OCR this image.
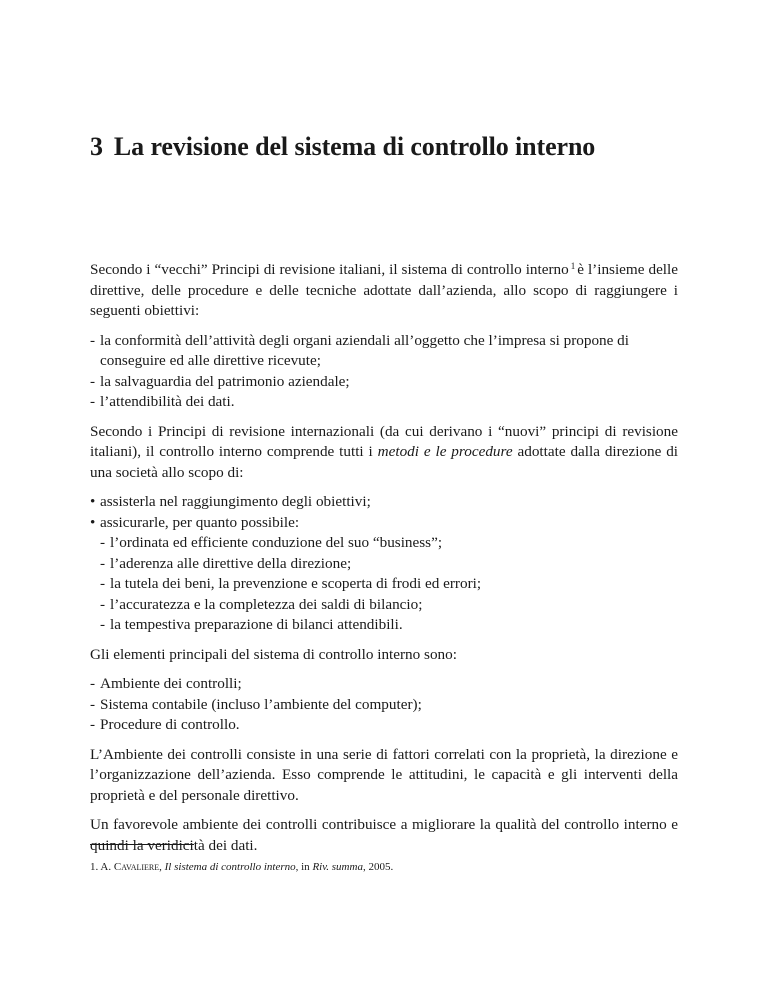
3 La revisione del sistema di controllo interno

Secondo i “vecchi” Principi di revisione italiani, il sistema di controllo interno $^1$ è l’insieme delle direttive, delle procedure e delle tecniche adottate dall’azienda, allo scopo di raggiungere i seguenti obiettivi:

- la conformità dell’attività degli organi aziendali all’oggetto che l’impresa si propone di conseguire ed alle direttive ricevute;
- la salvaguardia del patrimonio aziendale;
- l’attendibilità dei dati.

Secondo i Principi di revisione internazionali (da cui derivano i “nuovi” principi di revisione italiani), il controllo interno comprende tutti i metodi e le procedure adottate dalla direzione di una società allo scopo di:

• assisterla nel raggiungimento degli obiettivi;
• assicurarle, per quanto possibile:
- l’ordinata ed efficiente conduzione del suo “business”;
- l’aderenza alle direttive della direzione;
- la tutela dei beni, la prevenzione e scoperta di frodi ed errori;
- l’accuratezza e la completezza dei saldi di bilancio;
- la tempestiva preparazione di bilanci attendibili.

Gli elementi principali del sistema di controllo interno sono:

- Ambiente dei controlli;
- Sistema contabile (incluso l’ambiente del computer);
- Procedure di controllo.

L’Ambiente dei controlli consiste in una serie di fattori correlati con la proprietà, la direzione e l’organizzazione dell’azienda. Esso comprende le attitudini, le capacità e gli interventi della proprietà e del personale direttivo.

Un favorevole ambiente dei controlli contribuisce a migliorare la qualità del controllo interno e quindi la veridicità dei dati.

1. A. Cavaliere, Il sistema di controllo interno, in Riv. summa, 2005.
